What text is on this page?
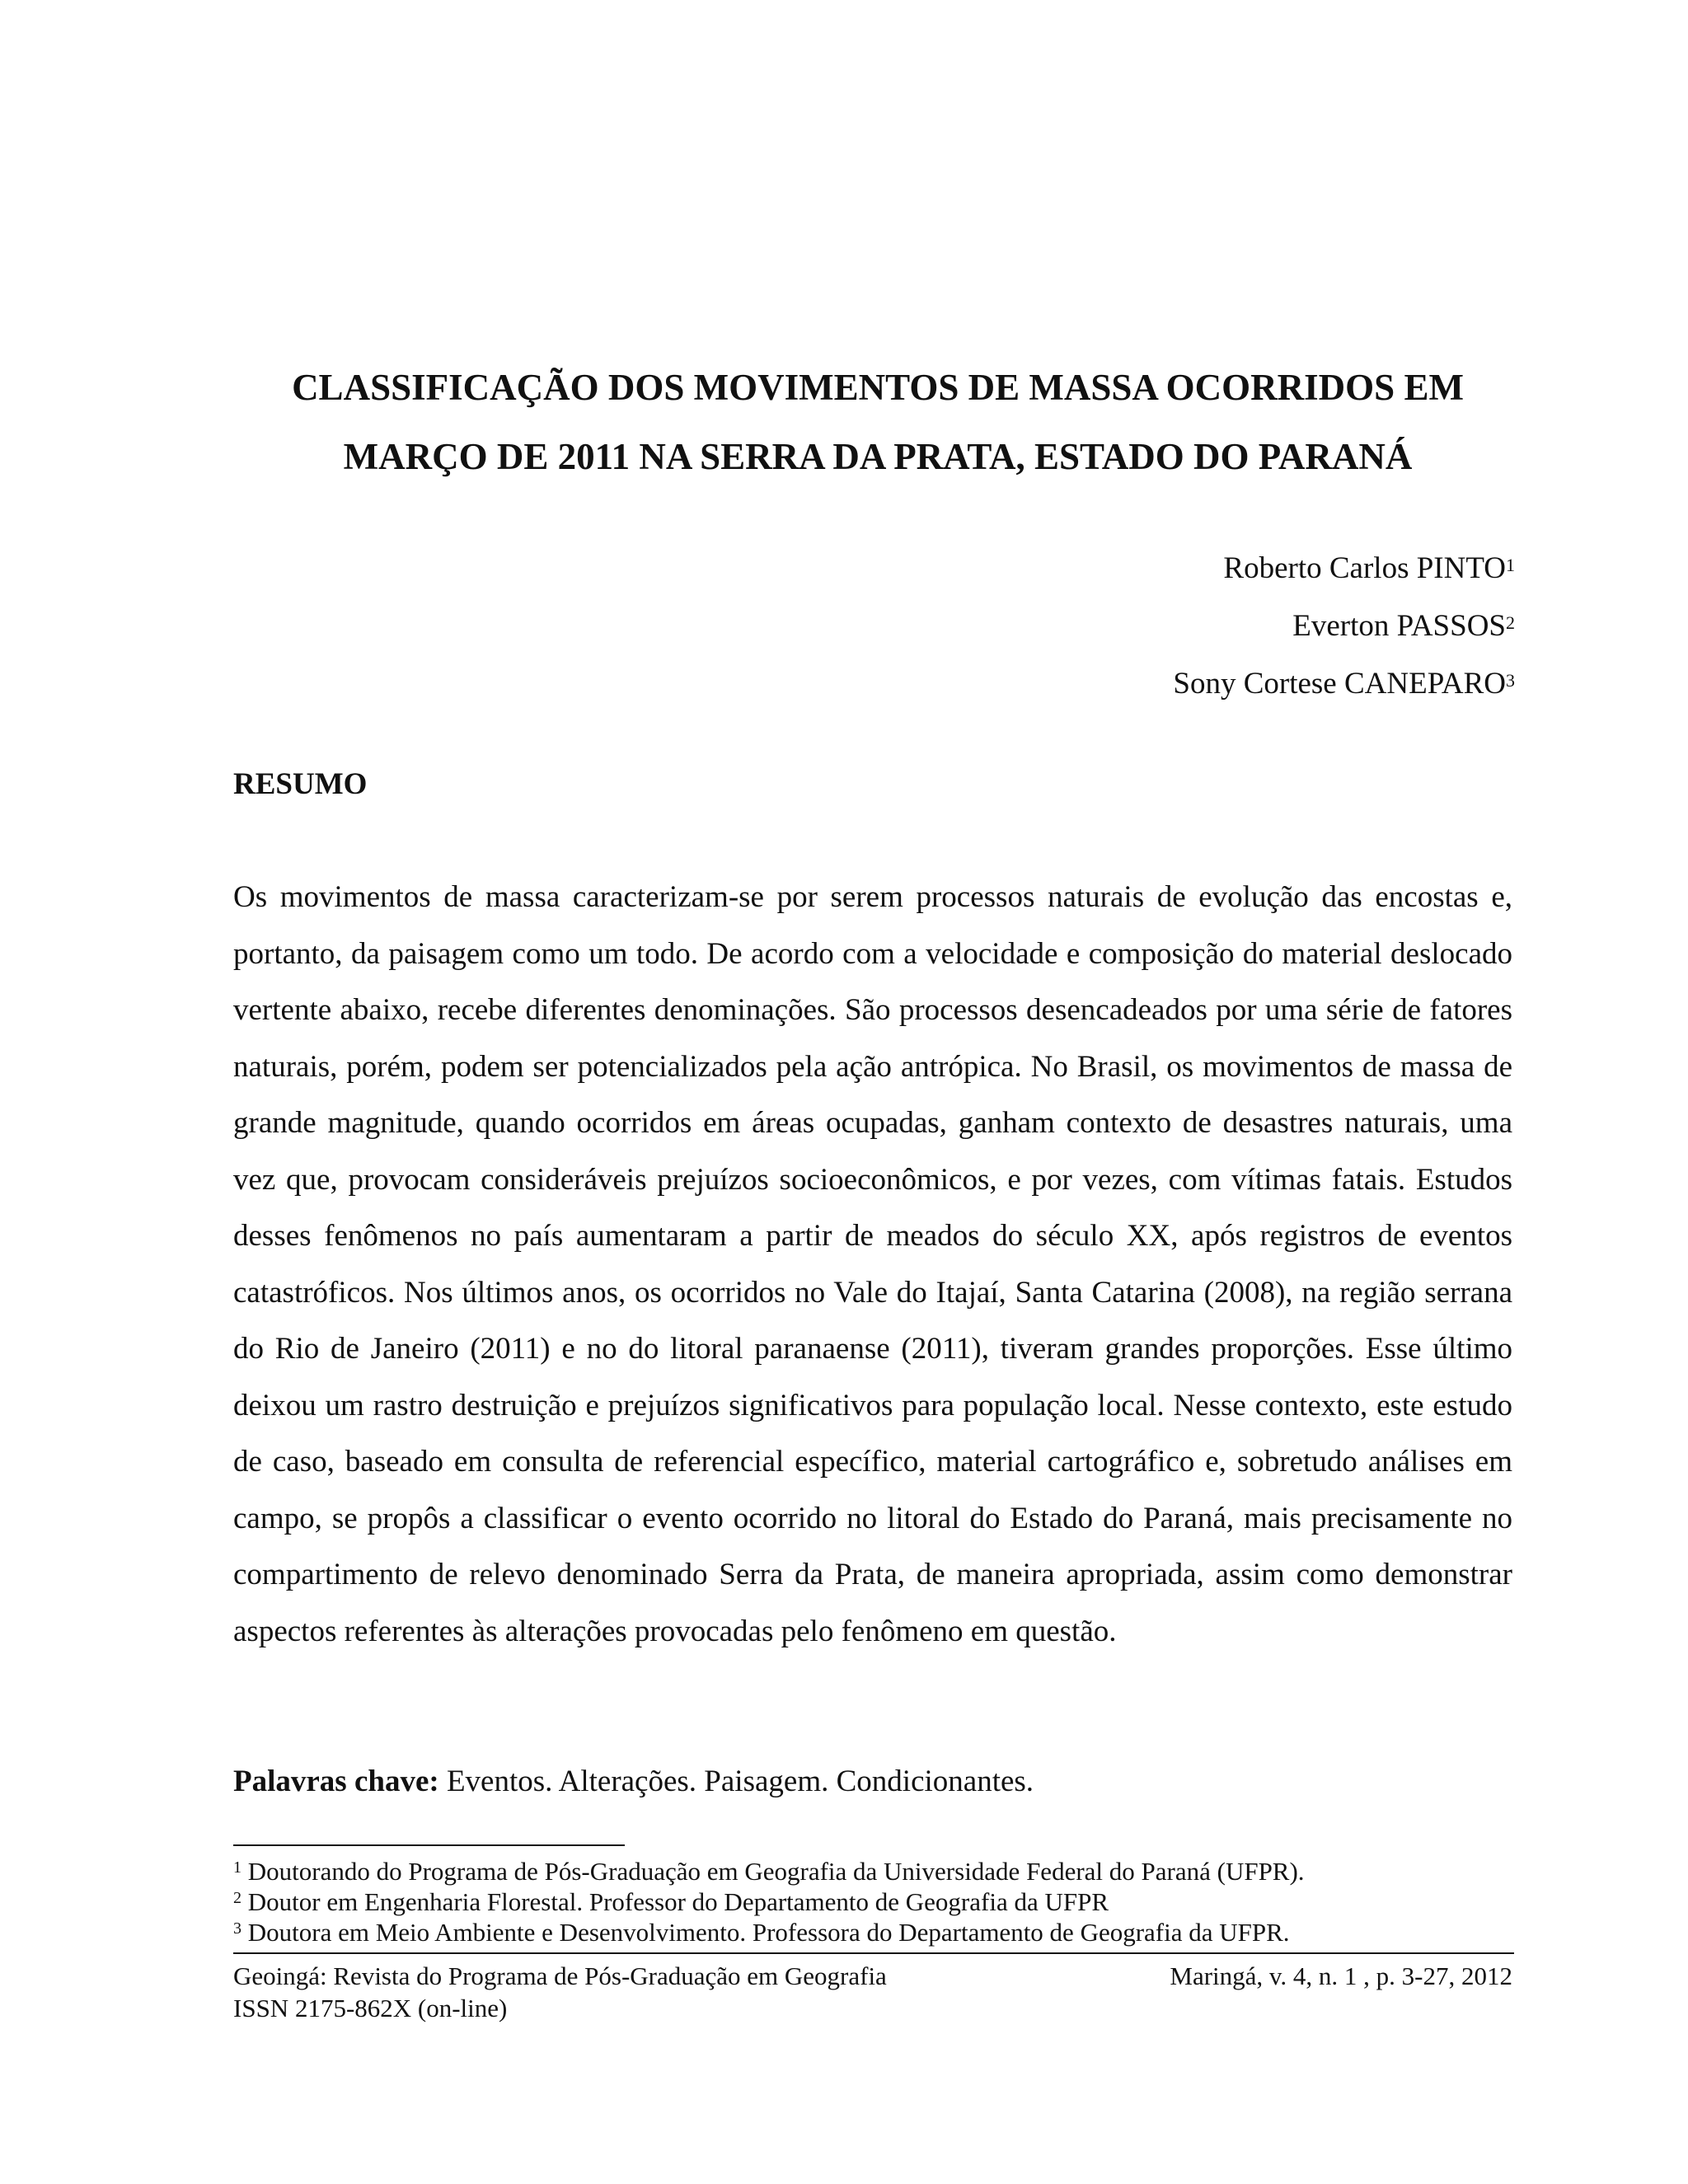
CLASSIFICAÇÃO DOS MOVIMENTOS DE MASSA OCORRIDOS EM
MARÇO DE 2011 NA SERRA DA PRATA, ESTADO DO PARANÁ
Roberto Carlos PINTO$^1$
Everton PASSOS$^2$
Sony Cortese CANEPARO$^3$
RESUMO

Os movimentos de massa caracterizam-se por serem processos naturais de evolução das encostas e, portanto, da paisagem como um todo. De acordo com a velocidade e composição do material deslocado vertente abaixo, recebe diferentes denominações. São processos desencadeados por uma série de fatores naturais, porém, podem ser potencializados pela ação antrópica. No Brasil, os movimentos de massa de grande magnitude, quando ocorridos em áreas ocupadas, ganham contexto de desastres naturais, uma vez que, provocam consideráveis prejuízos socioeconômicos, e por vezes, com vítimas fatais. Estudos desses fenômenos no país aumentaram a partir de meados do século XX, após registros de eventos catastróficos. Nos últimos anos, os ocorridos no Vale do Itajaí, Santa Catarina (2008), na região serrana do Rio de Janeiro (2011) e no do litoral paranaense (2011), tiveram grandes proporções. Esse último deixou um rastro destruição e prejuízos significativos para população local. Nesse contexto, este estudo de caso, baseado em consulta de referencial específico, material cartográfico e, sobretudo análises em campo, se propôs a classificar o evento ocorrido no litoral do Estado do Paraná, mais precisamente no compartimento de relevo denominado Serra da Prata, de maneira apropriada, assim como demonstrar aspectos referentes às alterações provocadas pelo fenômeno em questão.

Palavras chave: Eventos. Alterações. Paisagem. Condicionantes.

$^1$ Doutorando do Programa de Pós-Graduação em Geografia da Universidade Federal do Paraná (UFPR).
$^2$ Doutor em Engenharia Florestal. Professor do Departamento de Geografia da UFPR
$^3$ Doutora em Meio Ambiente e Desenvolvimento. Professora do Departamento de Geografia da UFPR.
Geoingá: Revista do Programa de Pós-Graduação em Geografia
ISSN 2175-862X (on-line)
Maringá, v. 4, n. 1 , p. 3-27, 2012
